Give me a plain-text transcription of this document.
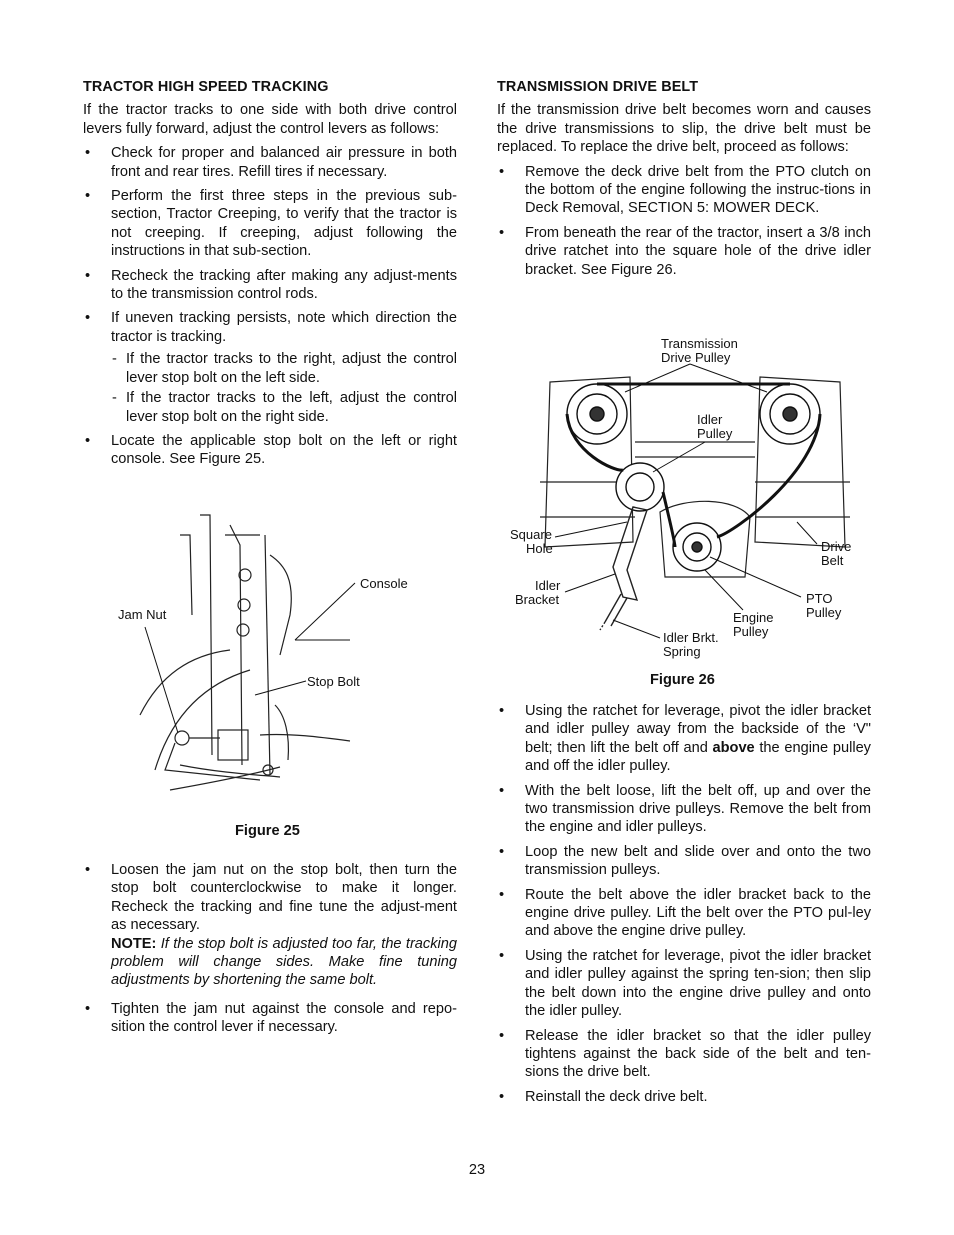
TRACTOR HIGH SPEED TRACKING

If the tractor tracks to one side with both drive control levers fully forward, adjust the control levers as follows:

• Check for proper and balanced air pressure in both front and rear tires. Refill tires if necessary.
• Perform the first three steps in the previous sub-section, Tractor Creeping, to verify that the tractor is not creeping. If creeping, adjust following the instructions in that sub-section.
• Recheck the tracking after making any adjust-ments to the transmission control rods.
• If uneven tracking persists, note which direction the tractor is tracking.
- If the tractor tracks to the right, adjust the control lever stop bolt on the left side.
- If the tractor tracks to the left, adjust the control lever stop bolt on the right side.
• Locate the applicable stop bolt on the left or right console. See Figure 25.
Console
Jam Nut
Stop Bolt
Figure 25
• Loosen the jam nut on the stop bolt, then turn the stop bolt counterclockwise to make it longer. Recheck the tracking and fine tune the adjust-ment as necessary.
NOTE: If the stop bolt is adjusted too far, the tracking problem will change sides. Make fine tuning adjustments by shortening the same bolt.
• Tighten the jam nut against the console and repo-sition the control lever if necessary.
TRANSMISSION DRIVE BELT

If the transmission drive belt becomes worn and causes the drive transmissions to slip, the drive belt must be replaced. To replace the drive belt, proceed as follows:

• Remove the deck drive belt from the PTO clutch on the bottom of the engine following the instruc-tions in Deck Removal, SECTION 5: MOWER DECK.
• From beneath the rear of the tractor, insert a 3/8 inch drive ratchet into the square hole of the drive idler bracket. See Figure 26.
Transmission
Drive Pulley
Idler
Pulley
Square
Hole
Idler
Bracket
Drive
Belt
PTO
Pulley
Engine
Pulley
Idler Brkt.
Spring
Figure 26
• Using the ratchet for leverage, pivot the idler bracket and idler pulley away from the backside of the ‘V" belt; then lift the belt off and above the engine pulley and off the idler pulley.
• With the belt loose, lift the belt off, up and over the two transmission drive pulleys. Remove the belt from the engine and idler pulleys.
• Loop the new belt and slide over and onto the two transmission pulleys.
• Route the belt above the idler bracket back to the engine drive pulley. Lift the belt over the PTO pul-ley and above the engine drive pulley.
• Using the ratchet for leverage, pivot the idler bracket and idler pulley against the spring ten-sion; then slip the belt down into the engine drive pulley and onto the idler pulley.
• Release the idler bracket so that the idler pulley tightens against the back side of the belt and ten-sions the drive belt.
• Reinstall the deck drive belt.
23
